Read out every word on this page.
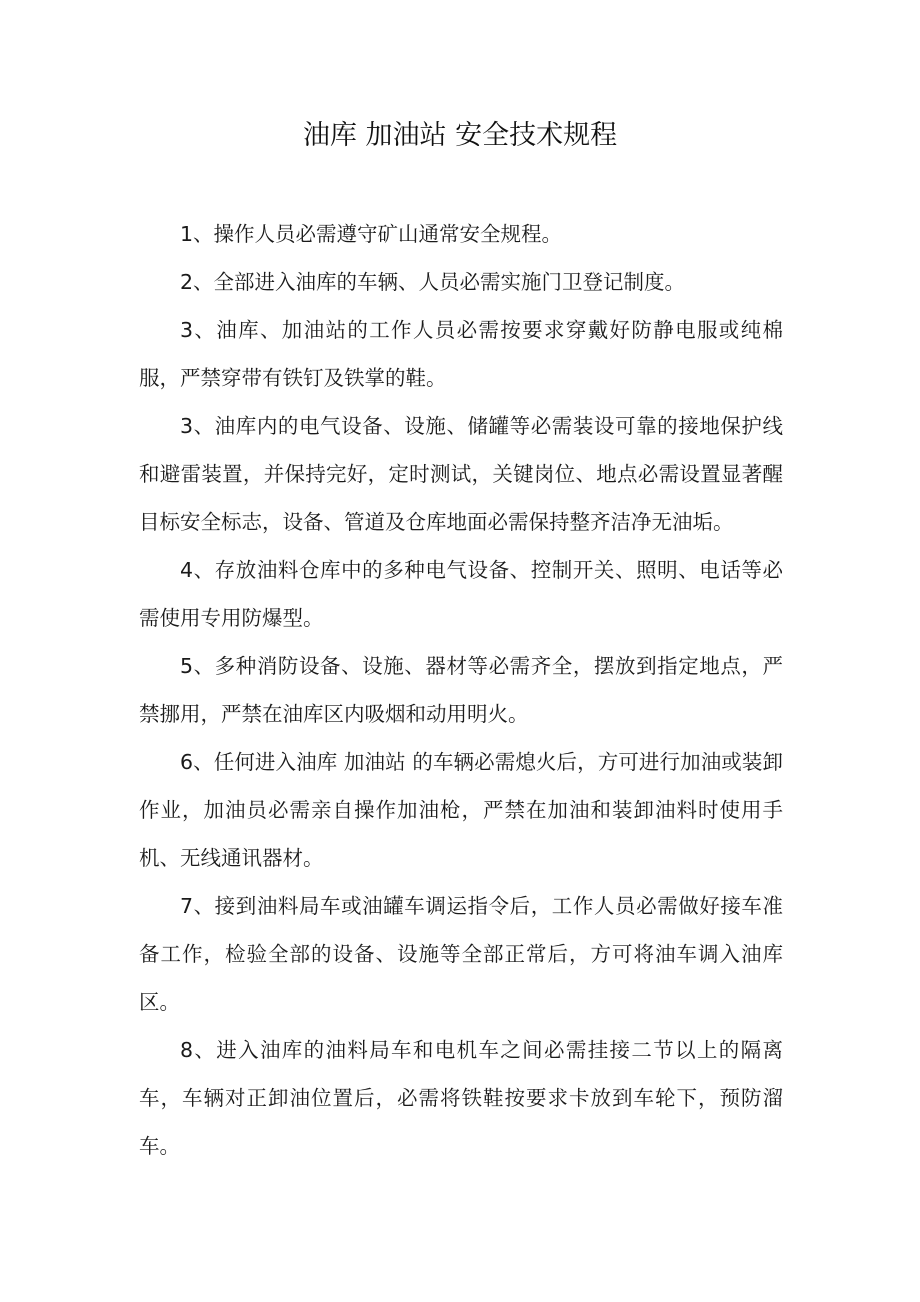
油库 加油站 安全技术规程

1、操作人员必需遵守矿山通常安全规程。

2、全部进入油库的车辆、人员必需实施门卫登记制度。

3、油库、加油站的工作人员必需按要求穿戴好防静电服或纯棉服，严禁穿带有铁钉及铁掌的鞋。

3、油库内的电气设备、设施、储罐等必需装设可靠的接地保护线和避雷装置，并保持完好，定时测试，关键岗位、地点必需设置显著醒目标安全标志，设备、管道及仓库地面必需保持整齐洁净无油垢。

4、存放油料仓库中的多种电气设备、控制开关、照明、电话等必需使用专用防爆型。

5、多种消防设备、设施、器材等必需齐全，摆放到指定地点，严禁挪用，严禁在油库区内吸烟和动用明火。

6、任何进入油库 加油站 的车辆必需熄火后，方可进行加油或装卸作业，加油员必需亲自操作加油枪，严禁在加油和装卸油料时使用手机、无线通讯器材。

7、接到油料局车或油罐车调运指令后，工作人员必需做好接车准备工作，检验全部的设备、设施等全部正常后，方可将油车调入油库区。

8、进入油库的油料局车和电机车之间必需挂接二节以上的隔离车，车辆对正卸油位置后，必需将铁鞋按要求卡放到车轮下，预防溜车。
